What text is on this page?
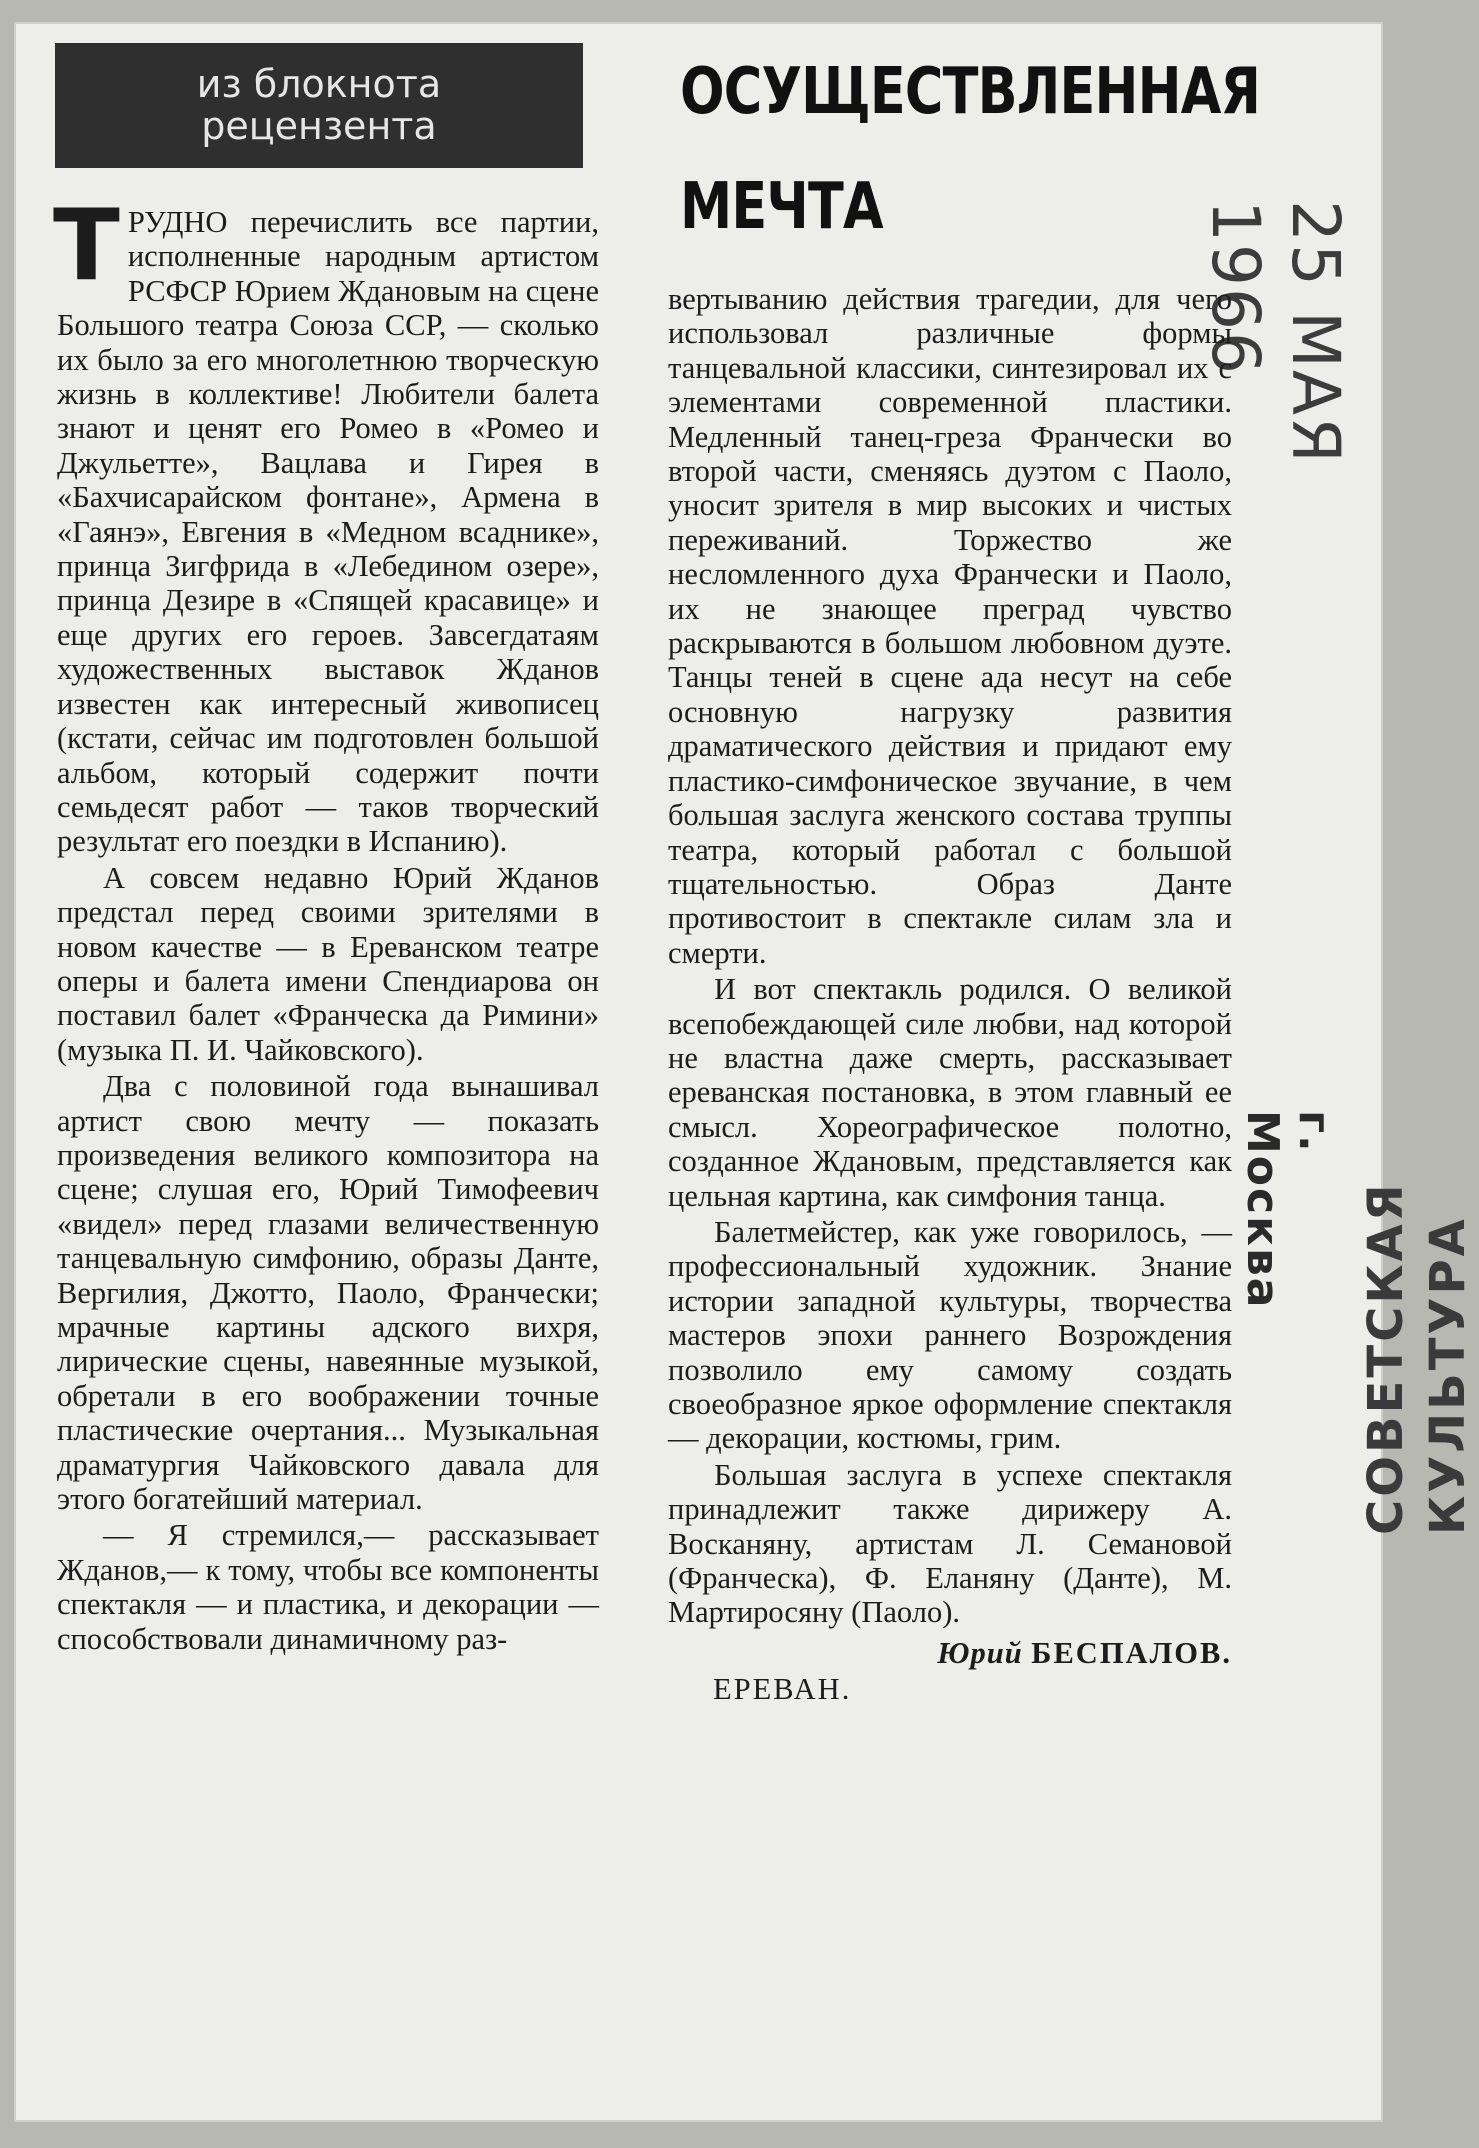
25 МАЯ 1966
СОВЕТСКАЯ КУЛЬТУРА
г. Москва
из блокнота
рецензента	ОСУЩЕСТВЛЕННАЯ
МЕЧТА

ТРУДНО перечислить все партии, исполненные народным артистом РСФСР Юрием Ждановым на сцене Большого театра Союза ССР, — сколько их было за его многолетнюю творческую жизнь в коллективе! Любители балета знают и ценят его Ромео в «Ромео и Джульетте», Вацлава и Гирея в «Бахчисарайском фонтане», Армена в «Гаянэ», Евгения в «Медном всаднике», принца Зигфрида в «Лебедином озере», принца Дезире в «Спящей красавице» и еще других его героев. Завсегдатаям художественных выставок Жданов известен как интересный живописец (кстати, сейчас им подготовлен большой альбом, который содержит почти семьдесят работ — таков творческий результат его поездки в Испанию).

А совсем недавно Юрий Жданов предстал перед своими зрителями в новом качестве — в Ереванском театре оперы и балета имени Спендиарова он поставил балет «Франческа да Римини» (музыка П. И. Чайковского).

Два с половиной года вынашивал артист свою мечту — показать произведения великого композитора на сцене; слушая его, Юрий Тимофеевич «видел» перед глазами величественную танцевальную симфонию, образы Данте, Вергилия, Джотто, Паоло, Франчески; мрачные картины адского вихря, лирические сцены, навеянные музыкой, обретали в его воображении точные пластические очертания... Музыкальная драматургия Чайковского давала для этого богатейший материал.

— Я стремился,— рассказывает Жданов,— к тому, чтобы все компоненты спектакля — и пластика, и декорации — способствовали динамичному раз-

вертыванию действия трагедии, для чего использовал различные формы танцевальной классики, синтезировал их с элементами современной пластики. Медленный танец-греза Франчески во второй части, сменяясь дуэтом с Паоло, уносит зрителя в мир высоких и чистых переживаний. Торжество же несломленного духа Франчески и Паоло, их не знающее преград чувство раскрываются в большом любовном дуэте. Танцы теней в сцене ада несут на себе основную нагрузку развития драматического действия и придают ему пластико-симфоническое звучание, в чем большая заслуга женского состава труппы театра, который работал с большой тщательностью. Образ Данте противостоит в спектакле силам зла и смерти.

И вот спектакль родился. О великой всепобеждающей силе любви, над которой не властна даже смерть, рассказывает ереванская постановка, в этом главный ее смысл. Хореографическое полотно, созданное Ждановым, представляется как цельная картина, как симфония танца.

Балетмейстер, как уже говорилось, — профессиональный художник. Знание истории западной культуры, творчества мастеров эпохи раннего Возрождения позволило ему самому создать своеобразное яркое оформление спектакля — декорации, костюмы, грим.

Большая заслуга в успехе спектакля принадлежит также дирижеру А. Восканяну, артистам Л. Семановой (Франческа), Ф. Еланяну (Данте), М. Мартиросяну (Паоло).

Юрий БЕСПАЛОВ.

ЕРЕВАН.
